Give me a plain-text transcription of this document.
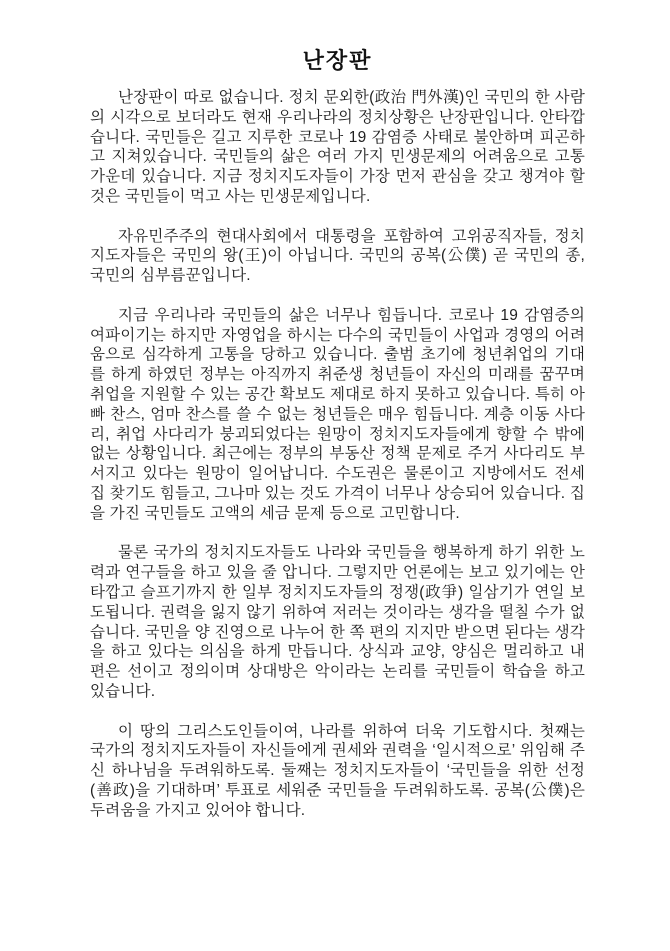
난장판

난장판이 따로 없습니다. 정치 문외한(政治 門外漢)인 국민의 한 사람의 시각으로 보더라도 현재 우리나라의 정치상황은 난장판입니다. 안타깝습니다. 국민들은 길고 지루한 코로나 19 감염증 사태로 불안하며 피곤하고 지쳐있습니다. 국민들의 삶은 여러 가지 민생문제의 어려움으로 고통 가운데 있습니다. 지금 정치지도자들이 가장 먼저 관심을 갖고 챙겨야 할 것은 국민들이 먹고 사는 민생문제입니다.

자유민주주의 현대사회에서 대통령을 포함하여 고위공직자들, 정치지도자들은 국민의 왕(王)이 아닙니다. 국민의 공복(公僕) 곧 국민의 종, 국민의 심부름꾼입니다.

지금 우리나라 국민들의 삶은 너무나 힘듭니다. 코로나 19 감염증의 여파이기는 하지만 자영업을 하시는 다수의 국민들이 사업과 경영의 어려움으로 심각하게 고통을 당하고 있습니다. 출범 초기에 청년취업의 기대를 하게 하였던 정부는 아직까지 취준생 청년들이 자신의 미래를 꿈꾸며 취업을 지원할 수 있는 공간 확보도 제대로 하지 못하고 있습니다. 특히 아빠 찬스, 엄마 찬스를 쓸 수 없는 청년들은 매우 힘듭니다. 계층 이동 사다리, 취업 사다리가 붕괴되었다는 원망이 정치지도자들에게 향할 수 밖에 없는 상황입니다. 최근에는 정부의 부동산 정책 문제로 주거 사다리도 부서지고 있다는 원망이 일어납니다. 수도권은 물론이고 지방에서도 전세 집 찾기도 힘들고, 그나마 있는 것도 가격이 너무나 상승되어 있습니다. 집을 가진 국민들도 고액의 세금 문제 등으로 고민합니다.

물론 국가의 정치지도자들도 나라와 국민들을 행복하게 하기 위한 노력과 연구들을 하고 있을 줄 압니다. 그렇지만 언론에는 보고 있기에는 안타깝고 슬프기까지 한 일부 정치지도자들의 정쟁(政爭) 일삼기가 연일 보도됩니다. 권력을 잃지 않기 위하여 저러는 것이라는 생각을 떨칠 수가 없습니다. 국민을 양 진영으로 나누어 한 쪽 편의 지지만 받으면 된다는 생각을 하고 있다는 의심을 하게 만듭니다. 상식과 교양, 양심은 멀리하고 내 편은 선이고 정의이며 상대방은 악이라는 논리를 국민들이 학습을 하고 있습니다.

이 땅의 그리스도인들이여, 나라를 위하여 더욱 기도합시다. 첫째는 국가의 정치지도자들이 자신들에게 권세와 권력을 ‘일시적으로’ 위임해 주신 하나님을 두려워하도록. 둘째는 정치지도자들이 ‘국민들을 위한 선정(善政)을 기대하며’ 투표로 세워준 국민들을 두려워하도록. 공복(公僕)은 두려움을 가지고 있어야 합니다.
